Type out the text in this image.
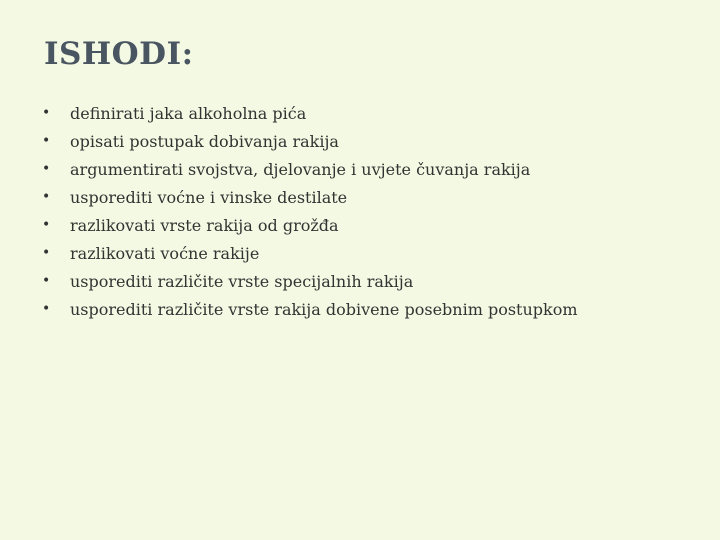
ISHODI:
•	definirati jaka alkoholna pića
•	opisati postupak dobivanja rakija
•	argumentirati svojstva, djelovanje i uvjete čuvanja rakija
•	usporediti voćne i vinske destilate
•	razlikovati vrste rakija od grožđa
•	razlikovati voćne rakije
•	usporediti različite vrste specijalnih rakija
•	usporediti različite vrste rakija dobivene posebnim postupkom
